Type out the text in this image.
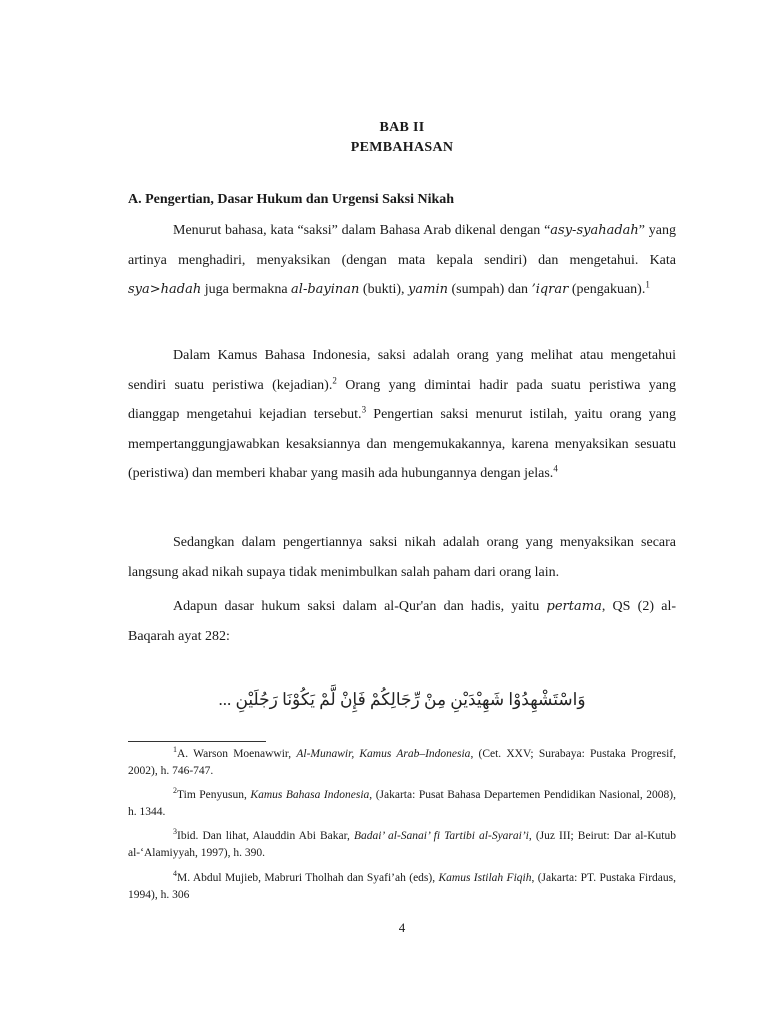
BAB II
PEMBAHASAN
A. Pengertian, Dasar Hukum dan Urgensi Saksi Nikah

Menurut bahasa, kata “saksi” dalam Bahasa Arab dikenal dengan “asy-syahadah” yang artinya menghadiri, menyaksikan (dengan mata kepala sendiri) dan mengetahui. Kata sya>hadah juga bermakna al-bayinan (bukti), yamin (sumpah) dan ’iqrar (pengakuan).$^1$

Dalam Kamus Bahasa Indonesia, saksi adalah orang yang melihat atau mengetahui sendiri suatu peristiwa (kejadian).$^2$ Orang yang dimintai hadir pada suatu peristiwa yang dianggap mengetahui kejadian tersebut.$^3$ Pengertian saksi menurut istilah, yaitu orang yang mempertanggungjawabkan kesaksiannya dan mengemukakannya, karena menyaksikan sesuatu (peristiwa) dan memberi khabar yang masih ada hubungannya dengan jelas.$^4$

Sedangkan dalam pengertiannya saksi nikah adalah orang yang menyaksikan secara langsung akad nikah supaya tidak menimbulkan salah paham dari orang lain.

Adapun dasar hukum saksi dalam al-Qur'an dan hadis, yaitu pertama, QS (2) al-Baqarah ayat 282:

ﻭَﺍﺳْﺘَﺸْﻬِﺪُﻭْﺍ ﺷَﻬِﻴْﺪَﻳْﻦِ ﻣِﻦْ ﺭِّﺟَﺎﻟِﻜُﻢْ ﻓَﺈِﻥْ ﻟَّﻢْ ﻳَﻜُﻮْﻧَﺎ ﺭَﺟُﻠَﻴْﻦِ ...

$^1$A. Warson Moenawwir, Al-Munawir, Kamus Arab–Indonesia, (Cet. XXV; Surabaya: Pustaka Progresif, 2002), h. 746-747.

$^2$Tim Penyusun, Kamus Bahasa Indonesia, (Jakarta: Pusat Bahasa Departemen Pendidikan Nasional, 2008), h. 1344.

$^3$Ibid. Dan lihat, Alauddin Abi Bakar, Badai’ al-Sanai’ fi Tartibi al-Syarai’i, (Juz III; Beirut: Dar al-Kutub al-‘Alamiyyah, 1997), h. 390.

$^4$M. Abdul Mujieb, Mabruri Tholhah dan Syafi’ah (eds), Kamus Istilah Fiqih, (Jakarta: PT. Pustaka Firdaus, 1994), h. 306

4
